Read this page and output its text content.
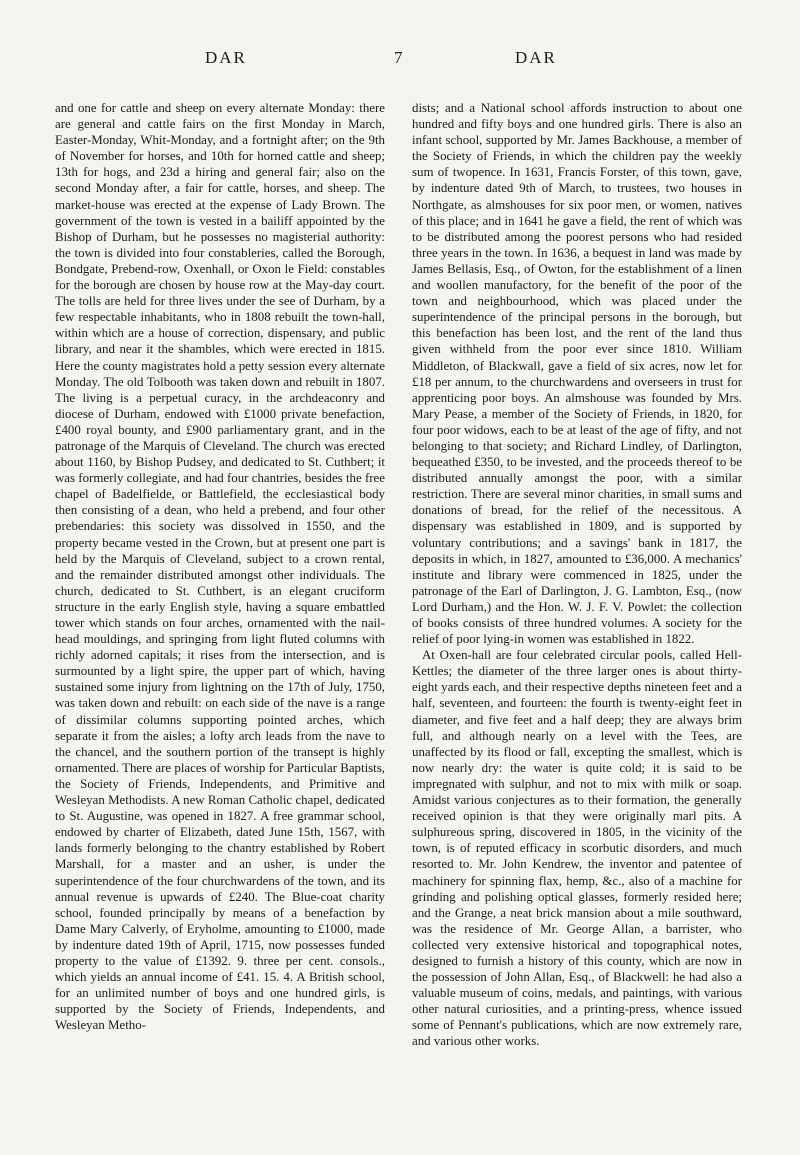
DAR	7	DAR

and one for cattle and sheep on every alternate Monday: there are general and cattle fairs on the first Monday in March, Easter-Monday, Whit-Monday, and a fortnight after; on the 9th of November for horses, and 10th for horned cattle and sheep; 13th for hogs, and 23d a hiring and general fair; also on the second Monday after, a fair for cattle, horses, and sheep. The market-house was erected at the expense of Lady Brown. The government of the town is vested in a bailiff appointed by the Bishop of Durham, but he possesses no magisterial authority: the town is divided into four constableries, called the Borough, Bondgate, Prebend-row, Oxenhall, or Oxon le Field: constables for the borough are chosen by house row at the May-day court. The tolls are held for three lives under the see of Durham, by a few respectable inhabitants, who in 1808 rebuilt the town-hall, within which are a house of correction, dispensary, and public library, and near it the shambles, which were erected in 1815. Here the county magistrates hold a petty session every alternate Monday. The old Tolbooth was taken down and rebuilt in 1807. The living is a perpetual curacy, in the archdeaconry and diocese of Durham, endowed with £1000 private benefaction, £400 royal bounty, and £900 parliamentary grant, and in the patronage of the Marquis of Cleveland. The church was erected about 1160, by Bishop Pudsey, and dedicated to St. Cuthbert; it was formerly collegiate, and had four chantries, besides the free chapel of Badelfielde, or Battlefield, the ecclesiastical body then consisting of a dean, who held a prebend, and four other prebendaries: this society was dissolved in 1550, and the property became vested in the Crown, but at present one part is held by the Marquis of Cleveland, subject to a crown rental, and the remainder distributed amongst other individuals. The church, dedicated to St. Cuthbert, is an elegant cruciform structure in the early English style, having a square embattled tower which stands on four arches, ornamented with the nail-head mouldings, and springing from light fluted columns with richly adorned capitals; it rises from the intersection, and is surmounted by a light spire, the upper part of which, having sustained some injury from lightning on the 17th of July, 1750, was taken down and rebuilt: on each side of the nave is a range of dissimilar columns supporting pointed arches, which separate it from the aisles; a lofty arch leads from the nave to the chancel, and the southern portion of the transept is highly ornamented. There are places of worship for Particular Baptists, the Society of Friends, Independents, and Primitive and Wesleyan Methodists. A new Roman Catholic chapel, dedicated to St. Augustine, was opened in 1827. A free grammar school, endowed by charter of Elizabeth, dated June 15th, 1567, with lands formerly belonging to the chantry established by Robert Marshall, for a master and an usher, is under the superintendence of the four churchwardens of the town, and its annual revenue is upwards of £240. The Blue-coat charity school, founded principally by means of a benefaction by Dame Mary Calverly, of Eryholme, amounting to £1000, made by indenture dated 19th of April, 1715, now possesses funded property to the value of £1392. 9. three per cent. consols., which yields an annual income of £41. 15. 4. A British school, for an unlimited number of boys and one hundred girls, is supported by the Society of Friends, Independents, and Wesleyan Metho-

dists; and a National school affords instruction to about one hundred and fifty boys and one hundred girls. There is also an infant school, supported by Mr. James Backhouse, a member of the Society of Friends, in which the children pay the weekly sum of twopence. In 1631, Francis Forster, of this town, gave, by indenture dated 9th of March, to trustees, two houses in Northgate, as almshouses for six poor men, or women, natives of this place; and in 1641 he gave a field, the rent of which was to be distributed among the poorest persons who had resided three years in the town. In 1636, a bequest in land was made by James Bellasis, Esq., of Owton, for the establishment of a linen and woollen manufactory, for the benefit of the poor of the town and neighbourhood, which was placed under the superintendence of the principal persons in the borough, but this benefaction has been lost, and the rent of the land thus given withheld from the poor ever since 1810. William Middleton, of Blackwall, gave a field of six acres, now let for £18 per annum, to the churchwardens and overseers in trust for apprenticing poor boys. An almshouse was founded by Mrs. Mary Pease, a member of the Society of Friends, in 1820, for four poor widows, each to be at least of the age of fifty, and not belonging to that society; and Richard Lindley, of Darlington, bequeathed £350, to be invested, and the proceeds thereof to be distributed annually amongst the poor, with a similar restriction. There are several minor charities, in small sums and donations of bread, for the relief of the necessitous. A dispensary was established in 1809, and is supported by voluntary contributions; and a savings' bank in 1817, the deposits in which, in 1827, amounted to £36,000. A mechanics' institute and library were commenced in 1825, under the patronage of the Earl of Darlington, J. G. Lambton, Esq., (now Lord Durham,) and the Hon. W. J. F. V. Powlet: the collection of books consists of three hundred volumes. A society for the relief of poor lying-in women was established in 1822.

At Oxen-hall are four celebrated circular pools, called Hell-Kettles; the diameter of the three larger ones is about thirty-eight yards each, and their respective depths nineteen feet and a half, seventeen, and fourteen: the fourth is twenty-eight feet in diameter, and five feet and a half deep; they are always brim full, and although nearly on a level with the Tees, are unaffected by its flood or fall, excepting the smallest, which is now nearly dry: the water is quite cold; it is said to be impregnated with sulphur, and not to mix with milk or soap. Amidst various conjectures as to their formation, the generally received opinion is that they were originally marl pits. A sulphureous spring, discovered in 1805, in the vicinity of the town, is of reputed efficacy in scorbutic disorders, and much resorted to. Mr. John Kendrew, the inventor and patentee of machinery for spinning flax, hemp, &c., also of a machine for grinding and polishing optical glasses, formerly resided here; and the Grange, a neat brick mansion about a mile southward, was the residence of Mr. George Allan, a barrister, who collected very extensive historical and topographical notes, designed to furnish a history of this county, which are now in the possession of John Allan, Esq., of Blackwell: he had also a valuable museum of coins, medals, and paintings, with various other natural curiosities, and a printing-press, whence issued some of Pennant's publications, which are now extremely rare, and various other works.
